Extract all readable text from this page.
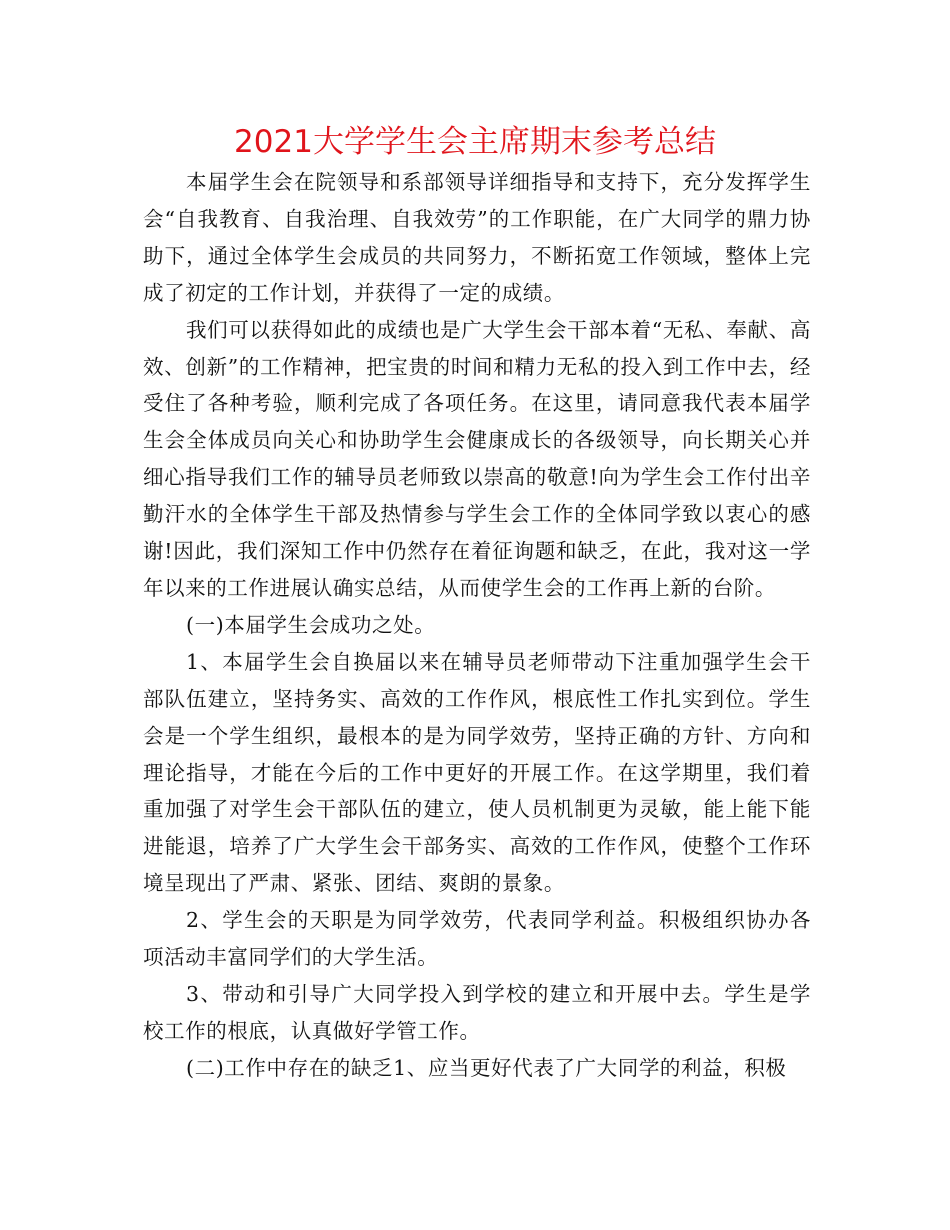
2021大学学生会主席期末参考总结

本届学生会在院领导和系部领导详细指导和支持下，充分发挥学生会“自我教育、自我治理、自我效劳”的工作职能，在广大同学的鼎力协助下，通过全体学生会成员的共同努力，不断拓宽工作领域，整体上完成了初定的工作计划，并获得了一定的成绩。

我们可以获得如此的成绩也是广大学生会干部本着“无私、奉献、高效、创新”的工作精神，把宝贵的时间和精力无私的投入到工作中去，经受住了各种考验，顺利完成了各项任务。在这里，请同意我代表本届学生会全体成员向关心和协助学生会健康成长的各级领导，向长期关心并细心指导我们工作的辅导员老师致以崇高的敬意!向为学生会工作付出辛勤汗水的全体学生干部及热情参与学生会工作的全体同学致以衷心的感谢!因此，我们深知工作中仍然存在着征询题和缺乏，在此，我对这一学年以来的工作进展认确实总结，从而使学生会的工作再上新的台阶。

(一)本届学生会成功之处。

1、本届学生会自换届以来在辅导员老师带动下注重加强学生会干部队伍建立，坚持务实、高效的工作作风，根底性工作扎实到位。学生会是一个学生组织，最根本的是为同学效劳，坚持正确的方针、方向和理论指导，才能在今后的工作中更好的开展工作。在这学期里，我们着重加强了对学生会干部队伍的建立，使人员机制更为灵敏，能上能下能进能退，培养了广大学生会干部务实、高效的工作作风，使整个工作环境呈现出了严肃、紧张、团结、爽朗的景象。

2、学生会的天职是为同学效劳，代表同学利益。积极组织协办各项活动丰富同学们的大学生活。

3、带动和引导广大同学投入到学校的建立和开展中去。学生是学校工作的根底，认真做好学管工作。

(二)工作中存在的缺乏1、应当更好代表了广大同学的利益，积极
